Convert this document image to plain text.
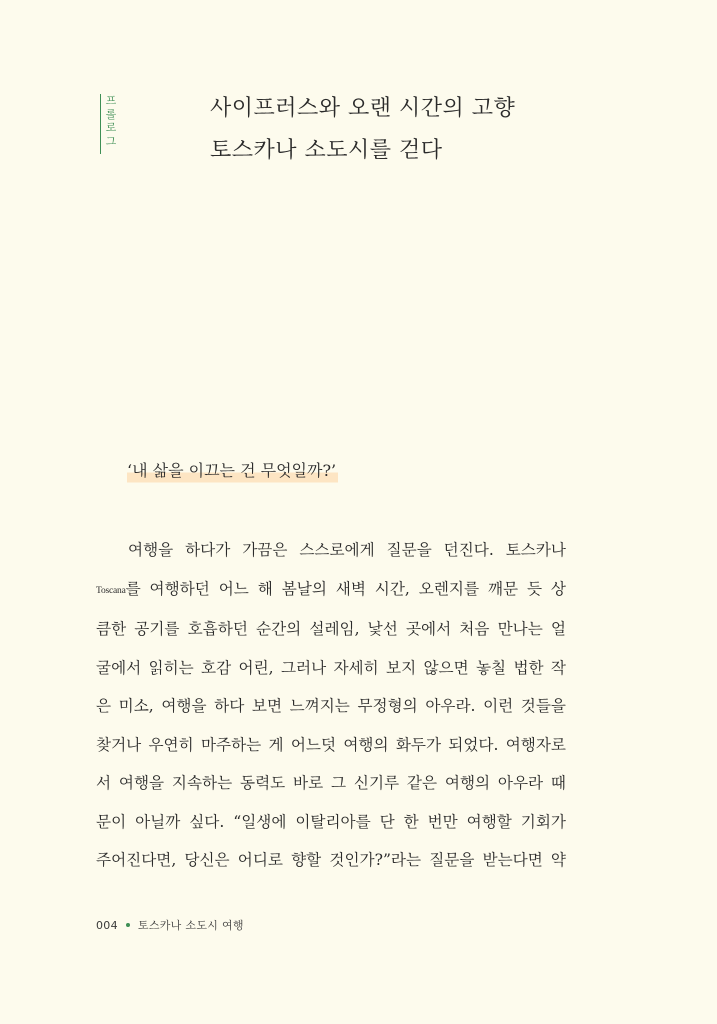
프롤로그
사이프러스와 오랜 시간의 고향
토스카나 소도시를 걷다
‘내 삶을 이끄는 건 무엇일까?’
여행을 하다가 가끔은 스스로에게 질문을 던진다. 토스카나
Toscana를 여행하던 어느 해 봄날의 새벽 시간, 오렌지를 깨문 듯 상
큼한 공기를 호흡하던 순간의 설레임, 낯선 곳에서 처음 만나는 얼
굴에서 읽히는 호감 어린, 그러나 자세히 보지 않으면 놓칠 법한 작
은 미소, 여행을 하다 보면 느껴지는 무정형의 아우라. 이런 것들을
찾거나 우연히 마주하는 게 어느덧 여행의 화두가 되었다. 여행자로
서 여행을 지속하는 동력도 바로 그 신기루 같은 여행의 아우라 때
문이 아닐까 싶다. “일생에 이탈리아를 단 한 번만 여행할 기회가
주어진다면, 당신은 어디로 향할 것인가?”라는 질문을 받는다면 약
004 토스카나 소도시 여행
